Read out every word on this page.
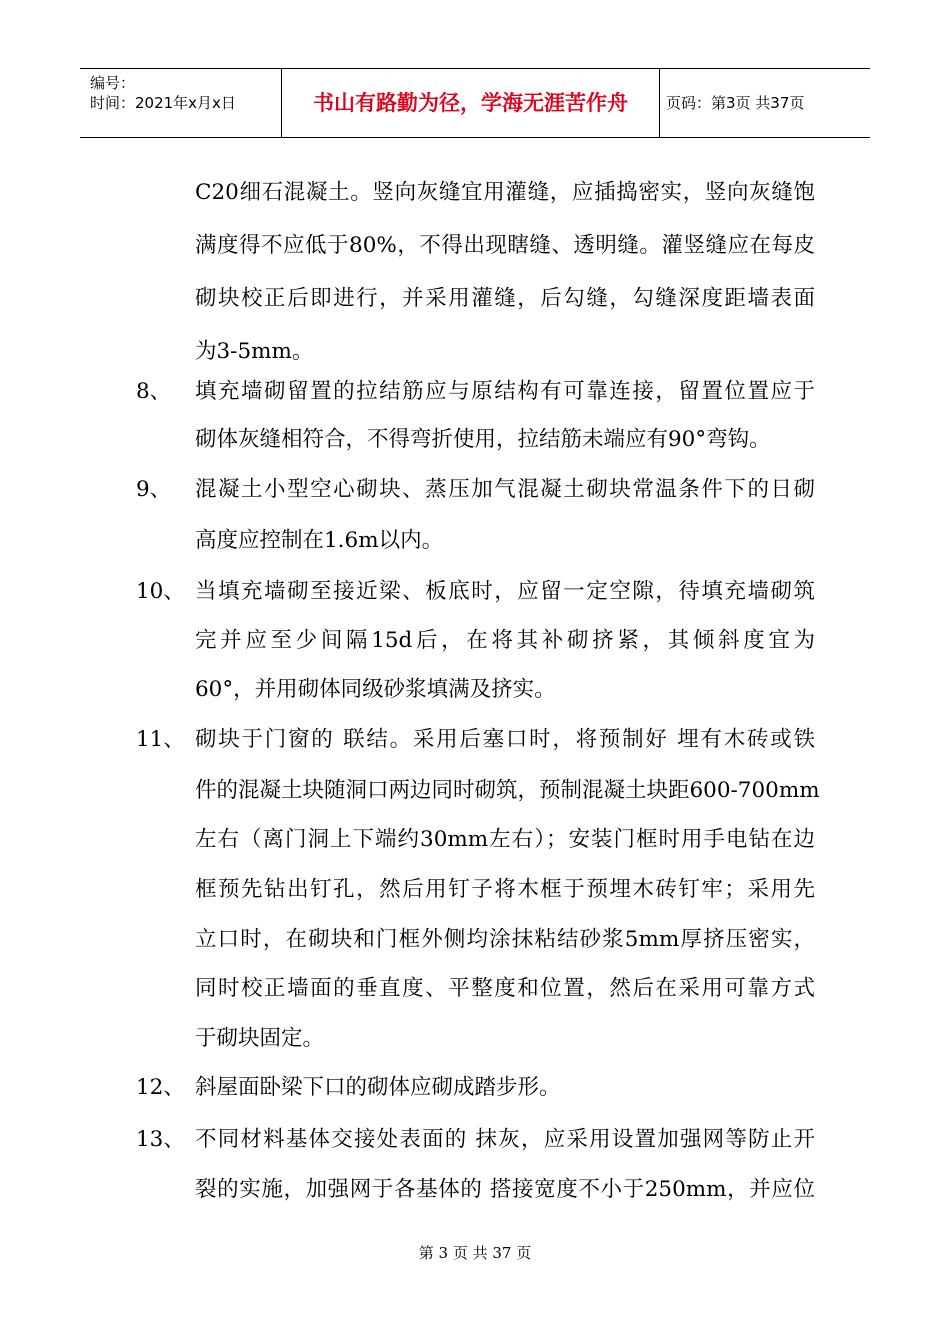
编号：
时间：2021年x月x日	书山有路勤为径，学海无涯苦作舟	页码：第3页 共37页
C20细石混凝土。竖向灰缝宜用灌缝，应插捣密实，竖向灰缝饱
满度得不应低于80%，不得出现瞎缝、透明缝。灌竖缝应在每皮
砌块校正后即进行，并采用灌缝，后勾缝，勾缝深度距墙表面
为3-5mm。
8、 填充墙砌留置的拉结筋应与原结构有可靠连接，留置位置应于
砌体灰缝相符合，不得弯折使用，拉结筋未端应有90°弯钩。
9、 混凝土小型空心砌块、蒸压加气混凝土砌块常温条件下的日砌
高度应控制在1.6m以内。
10、 当填充墙砌至接近梁、板底时，应留一定空隙，待填充墙砌筑
完并应至少间隔15d后，在将其补砌挤紧，其倾斜度宜为
60°，并用砌体同级砂浆填满及挤实。
11、 砌块于门窗的 联结。采用后塞口时，将预制好 埋有木砖或铁
件的混凝土块随洞口两边同时砌筑，预制混凝土块距600-700mm
左右（离门洞上下端约30mm左右）；安装门框时用手电钻在边
框预先钻出钉孔，然后用钉子将木框于预埋木砖钉牢；采用先
立口时，在砌块和门框外侧均涂抹粘结砂浆5mm厚挤压密实，
同时校正墙面的垂直度、平整度和位置，然后在采用可靠方式
于砌块固定。
12、 斜屋面卧梁下口的砌体应砌成踏步形。
13、 不同材料基体交接处表面的 抹灰，应采用设置加强网等防止开
裂的实施，加强网于各基体的 搭接宽度不小于250mm，并应位
第 3 页 共 37 页
